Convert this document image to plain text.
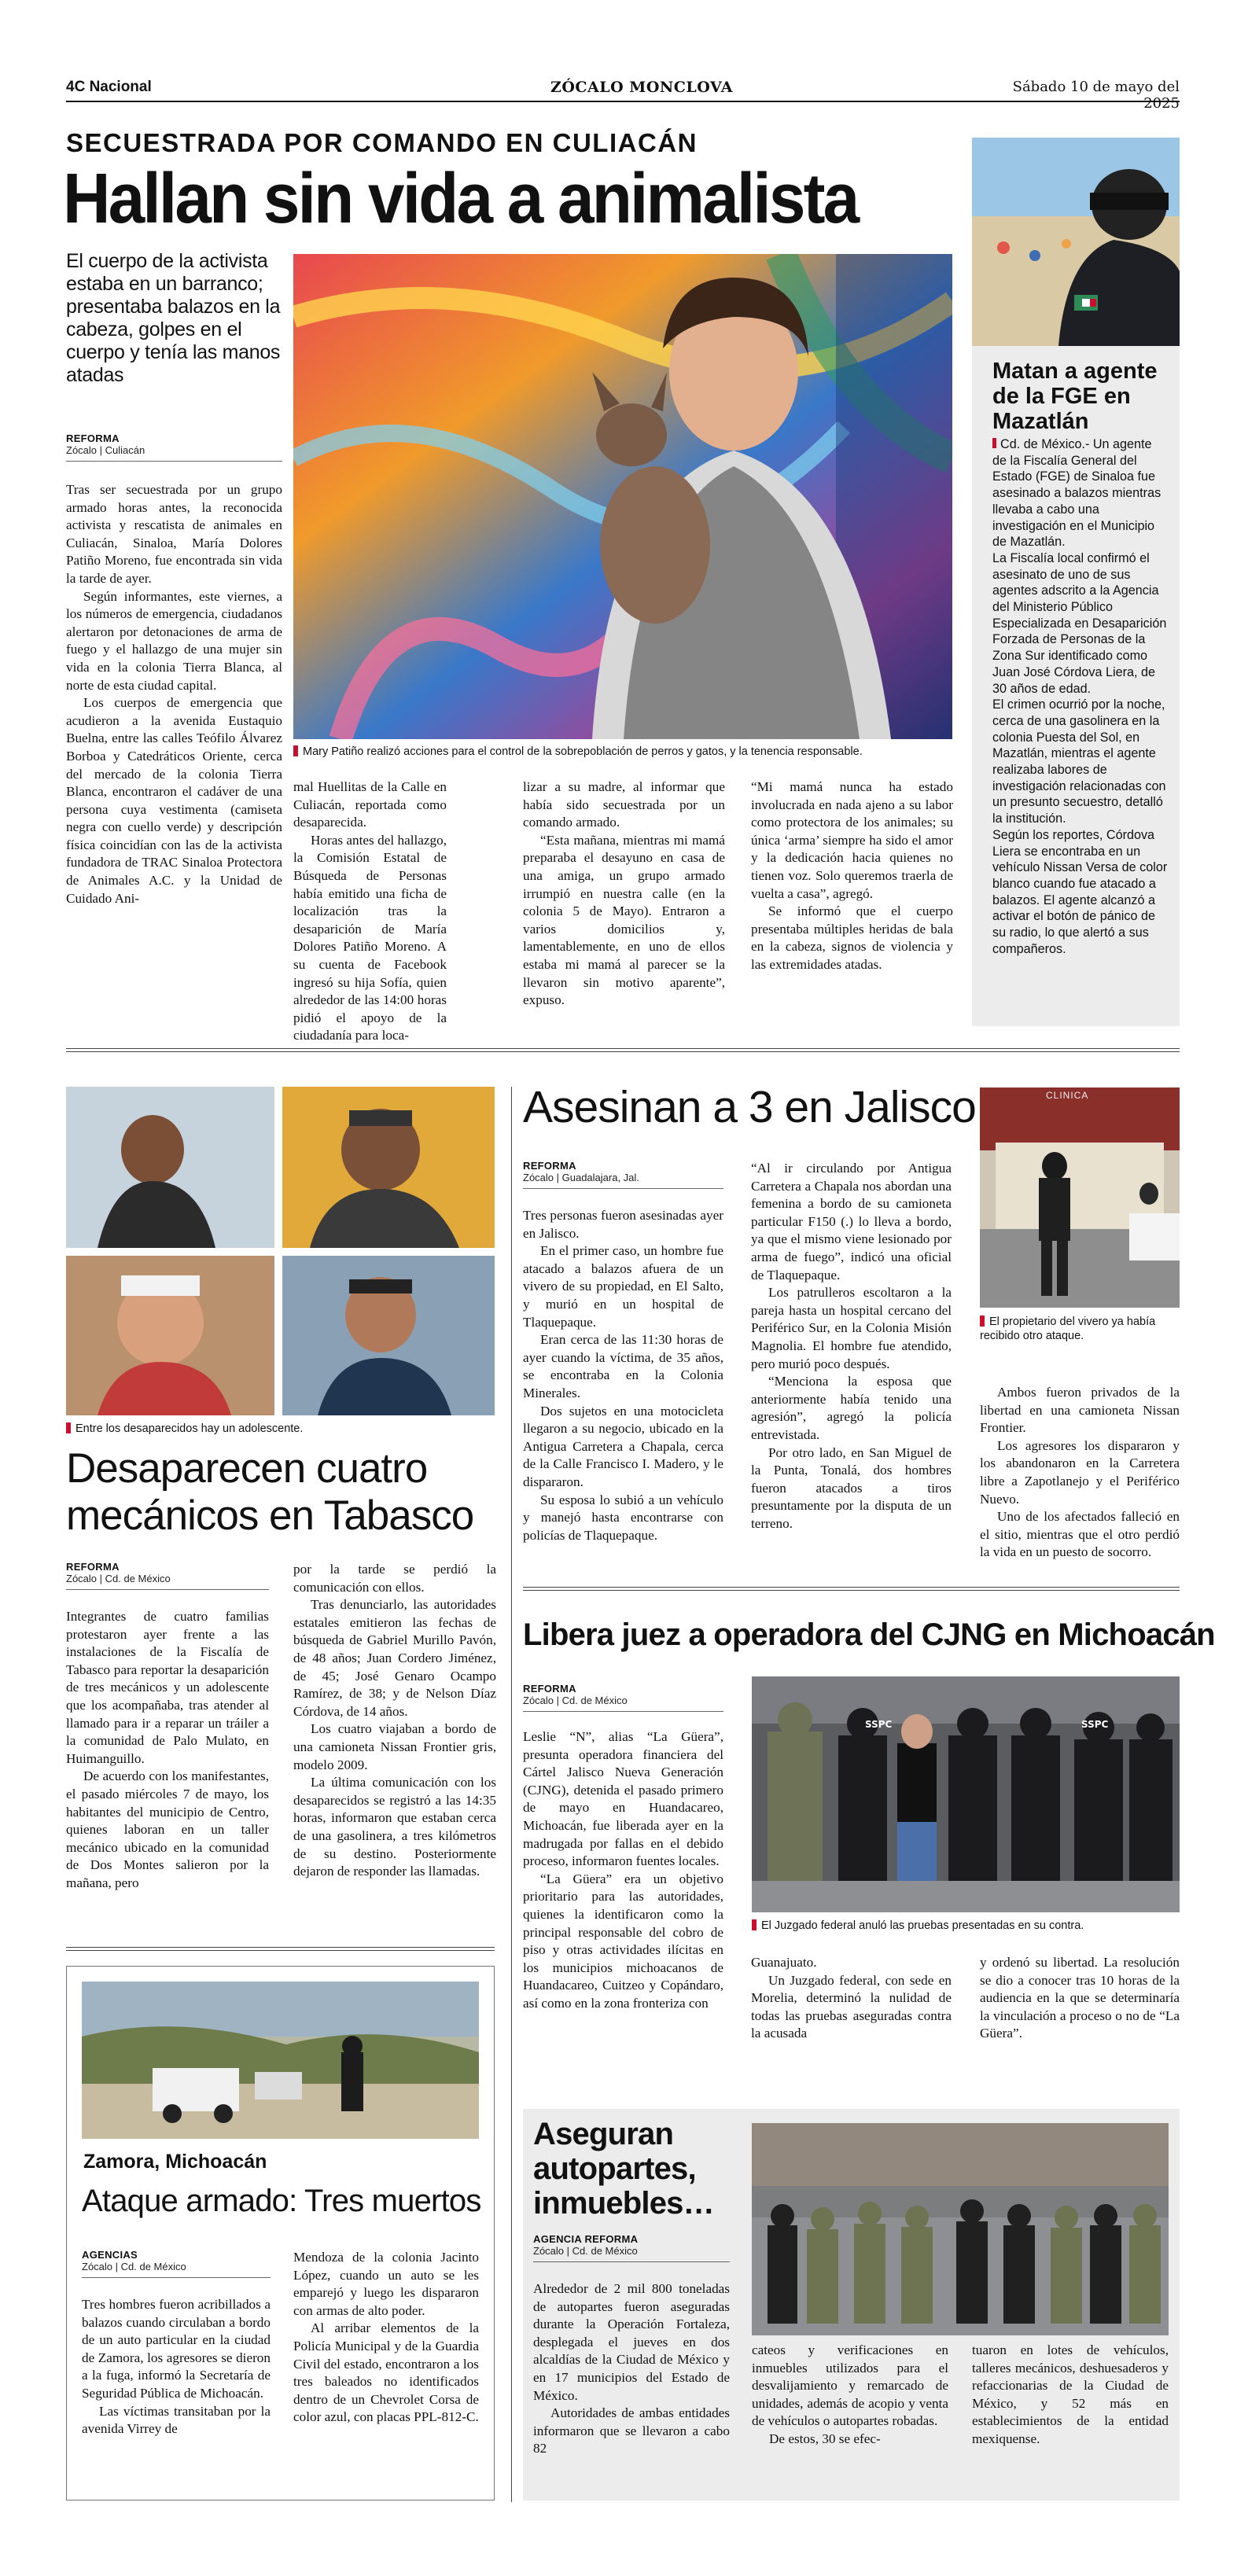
4C Nacional	ZÓCALO MONCLOVA	Sábado 10 de mayo del 2025
SECUESTRADA POR COMANDO EN CULIACÁN
Hallan sin vida a animalista
El cuerpo de la activista estaba en un barranco; presentaba balazos en la cabeza, golpes en el cuerpo y tenía las manos atadas
REFORMA
Zócalo | Culiacán

Tras ser secuestrada por un grupo armado horas antes, la reconocida activista y rescatista de animales en Culiacán, Sinaloa, María Dolores Patiño Moreno, fue encontrada sin vida la tarde de ayer.

Según informantes, este viernes, a los números de emergencia, ciudadanos alertaron por detonaciones de arma de fuego y el hallazgo de una mujer sin vida en la colonia Tierra Blanca, al norte de esta ciudad capital.

Los cuerpos de emergencia que acudieron a la avenida Eustaquio Buelna, entre las calles Teófilo Álvarez Borboa y Catedráticos Oriente, cerca del mercado de la colonia Tierra Blanca, encontraron el cadáver de una persona cuya vestimenta (camiseta negra con cuello verde) y descripción física coincidían con las de la activista fundadora de TRAC Sinaloa Protectora de Animales A.C. y la Unidad de Cuidado Ani-

Mary Patiño realizó acciones para el control de la sobrepoblación de perros y gatos, y la tenencia responsable.

mal Huellitas de la Calle en Culiacán, reportada como desaparecida.

Horas antes del hallazgo, la Comisión Estatal de Búsqueda de Personas había emitido una ficha de localización tras la desaparición de María Dolores Patiño Moreno. A su cuenta de Facebook ingresó su hija Sofía, quien alrededor de las 14:00 horas pidió el apoyo de la ciudadanía para loca-

lizar a su madre, al informar que había sido secuestrada por un comando armado.

“Esta mañana, mientras mi mamá preparaba el desayuno en casa de una amiga, un grupo armado irrumpió en nuestra calle (en la colonia 5 de Mayo). Entraron a varios domicilios y, lamentablemente, en uno de ellos estaba mi mamá al parecer se la llevaron sin motivo aparente”, expuso.

“Mi mamá nunca ha estado involucrada en nada ajeno a su labor como protectora de los animales; su única ‘arma’ siempre ha sido el amor y la dedicación hacia quienes no tienen voz. Solo queremos traerla de vuelta a casa”, agregó.

Se informó que el cuerpo presentaba múltiples heridas de bala en la cabeza, signos de violencia y las extremidades atadas.

Matan a agente de la FGE en Mazatlán

Cd. de México.- Un agente de la Fiscalía General del Estado (FGE) de Sinaloa fue asesinado a balazos mientras llevaba a cabo una investigación en el Municipio de Mazatlán.

La Fiscalía local confirmó el asesinato de uno de sus agentes adscrito a la Agencia del Ministerio Público Especializada en Desaparición Forzada de Personas de la Zona Sur identificado como Juan José Córdova Liera, de 30 años de edad.

El crimen ocurrió por la noche, cerca de una gasolinera en la colonia Puesta del Sol, en Mazatlán, mientras el agente realizaba labores de investigación relacionadas con un presunto secuestro, detalló la institución.

Según los reportes, Córdova Liera se encontraba en un vehículo Nissan Versa de color blanco cuando fue atacado a balazos. El agente alcanzó a activar el botón de pánico de su radio, lo que alertó a sus compañeros.

Entre los desaparecidos hay un adolescente.
Desaparecen cuatro mecánicos en Tabasco
REFORMA
Zócalo | Cd. de México

Integrantes de cuatro familias protestaron ayer frente a las instalaciones de la Fiscalía de Tabasco para reportar la desaparición de tres mecánicos y un adolescente que los acompañaba, tras atender al llamado para ir a reparar un tráiler a la comunidad de Palo Mulato, en Huimanguillo.

De acuerdo con los manifestantes, el pasado miércoles 7 de mayo, los habitantes del municipio de Centro, quienes laboran en un taller mecánico ubicado en la comunidad de Dos Montes salieron por la mañana, pero

por la tarde se perdió la comunicación con ellos.

Tras denunciarlo, las autoridades estatales emitieron las fechas de búsqueda de Gabriel Murillo Pavón, de 48 años; Juan Cordero Jiménez, de 45; José Genaro Ocampo Ramírez, de 38; y de Nelson Díaz Córdova, de 14 años.

Los cuatro viajaban a bordo de una camioneta Nissan Frontier gris, modelo 2009.

La última comunicación con los desaparecidos se registró a las 14:35 horas, informaron que estaban cerca de una gasolinera, a tres kilómetros de su destino. Posteriormente dejaron de responder las llamadas.

Asesinan a 3 en Jalisco
REFORMA
Zócalo | Guadalajara, Jal.

Tres personas fueron asesinadas ayer en Jalisco.

En el primer caso, un hombre fue atacado a balazos afuera de un vivero de su propiedad, en El Salto, y murió en un hospital de Tlaquepaque.

Eran cerca de las 11:30 horas de ayer cuando la víctima, de 35 años, se encontraba en la Colonia Minerales.

Dos sujetos en una motocicleta llegaron a su negocio, ubicado en la Antigua Carretera a Chapala, cerca de la Calle Francisco I. Madero, y le dispararon.

Su esposa lo subió a un vehículo y manejó hasta encontrarse con policías de Tlaquepaque.

“Al ir circulando por Antigua Carretera a Chapala nos abordan una femenina a bordo de su camioneta particular F150 (.) lo lleva a bordo, ya que el mismo viene lesionado por arma de fuego”, indicó una oficial de Tlaquepaque.

Los patrulleros escoltaron a la pareja hasta un hospital cercano del Periférico Sur, en la Colonia Misión Magnolia. El hombre fue atendido, pero murió poco después.

“Menciona la esposa que anteriormente había tenido una agresión”, agregó la policía entrevistada.

Por otro lado, en San Miguel de la Punta, Tonalá, dos hombres fueron atacados a tiros presuntamente por la disputa de un terreno.

CLINICA
El propietario del vivero ya había recibido otro ataque.

Ambos fueron privados de la libertad en una camioneta Nissan Frontier.

Los agresores los dispararon y los abandonaron en la Carretera libre a Zapotlanejo y el Periférico Nuevo.

Uno de los afectados falleció en el sitio, mientras que el otro perdió la vida en un puesto de socorro.

Libera juez a operadora del CJNG en Michoacán
REFORMA
Zócalo | Cd. de México

Leslie “N”, alias “La Güera”, presunta operadora financiera del Cártel Jalisco Nueva Generación (CJNG), detenida el pasado primero de mayo en Huandacareo, Michoacán, fue liberada ayer en la madrugada por fallas en el debido proceso, informaron fuentes locales.

“La Güera” era un objetivo prioritario para las autoridades, quienes la identificaron como la principal responsable del cobro de piso y otras actividades ilícitas en los municipios michoacanos de Huandacareo, Cuitzeo y Copándaro, así como en la zona fronteriza con

SSPC	SSPC
El Juzgado federal anuló las pruebas presentadas en su contra.

Guanajuato.

Un Juzgado federal, con sede en Morelia, determinó la nulidad de todas las pruebas aseguradas contra la acusada

y ordenó su libertad. La resolución se dio a conocer tras 10 horas de la audiencia en la que se determinaría la vinculación a proceso o no de “La Güera”.

Zamora, Michoacán
Ataque armado: Tres muertos
AGENCIAS
Zócalo | Cd. de México

Tres hombres fueron acribillados a balazos cuando circulaban a bordo de un auto particular en la ciudad de Zamora, los agresores se dieron a la fuga, informó la Secretaría de Seguridad Pública de Michoacán.

Las víctimas transitaban por la avenida Virrey de

Mendoza de la colonia Jacinto López, cuando un auto se les emparejó y luego les dispararon con armas de alto poder.

Al arribar elementos de la Policía Municipal y de la Guardia Civil del estado, encontraron a los tres baleados no identificados dentro de un Chevrolet Corsa de color azul, con placas PPL-812-C.

Aseguran autopartes, inmuebles…
AGENCIA REFORMA
Zócalo | Cd. de México

Alrededor de 2 mil 800 toneladas de autopartes fueron aseguradas durante la Operación Fortaleza, desplegada el jueves en dos alcaldías de la Ciudad de México y en 17 municipios del Estado de México.

Autoridades de ambas entidades informaron que se llevaron a cabo 82

cateos y verificaciones en inmuebles utilizados para el desvalijamiento y remarcado de unidades, además de acopio y venta de vehículos o autopartes robadas.

De estos, 30 se efec-

tuaron en lotes de vehículos, talleres mecánicos, deshuesaderos y refaccionarias de la Ciudad de México, y 52 más en establecimientos de la entidad mexiquense.
